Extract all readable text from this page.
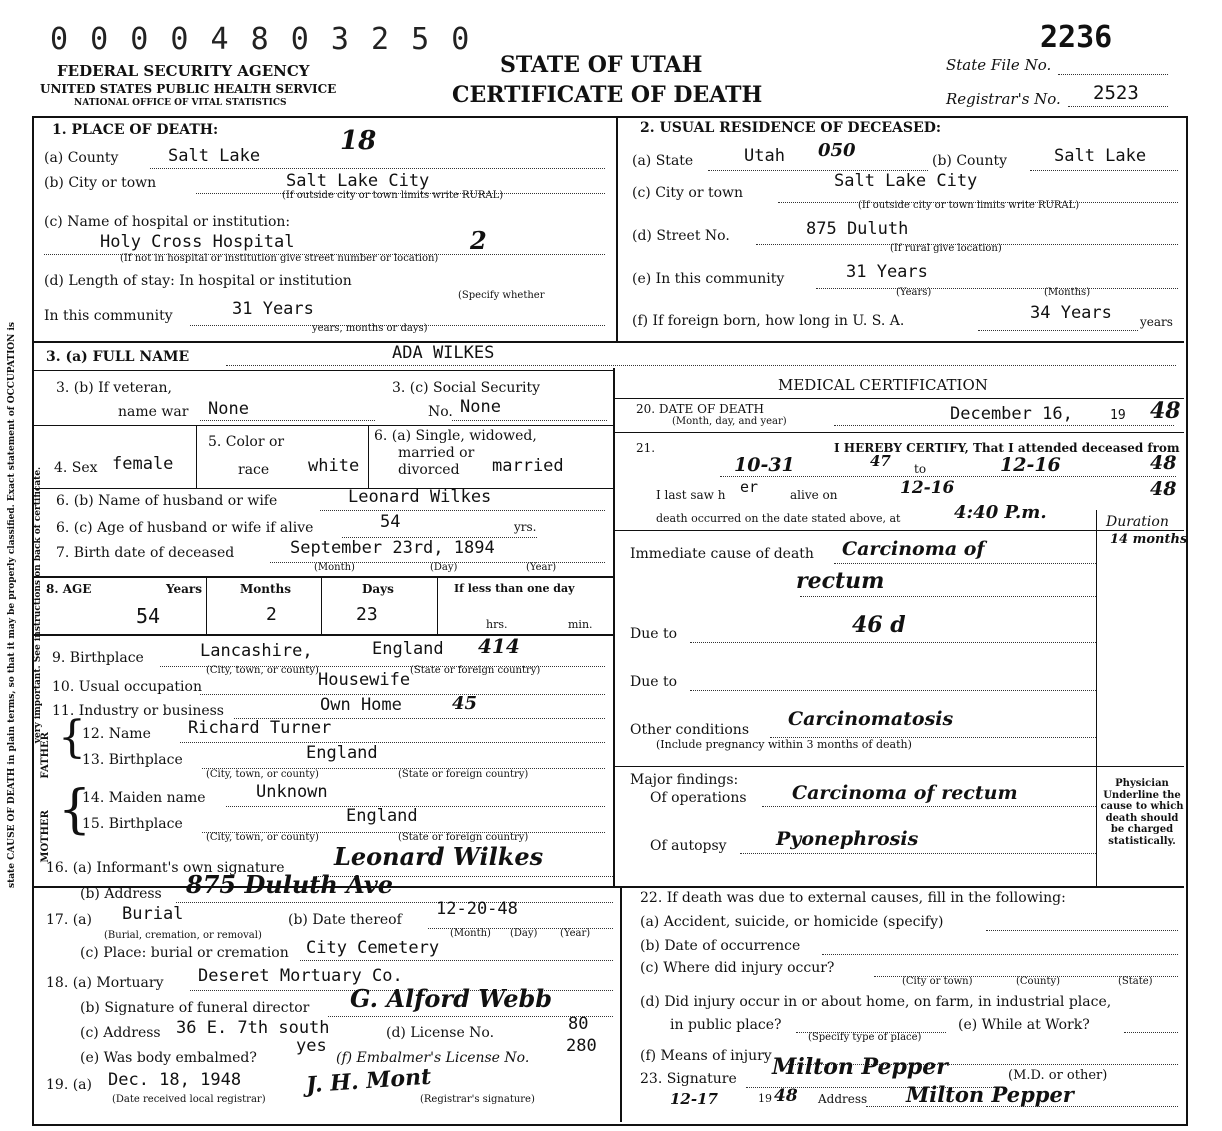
state CAUSE OF DEATH in plain terms, so that it may be properly classified. Exact statement of OCCUPATION is very important. See instructions on back of certificate.
0 0 0 0 4 8 0 3 2 5 0
FEDERAL SECURITY AGENCY
UNITED STATES PUBLIC HEALTH SERVICE
NATIONAL OFFICE OF VITAL STATISTICS
STATE OF UTAH
CERTIFICATE OF DEATH
State File No.
2236
Registrar's No. 2523
1. PLACE OF DEATH:
(a) County	Salt Lake	18
(b) City or town	Salt Lake City
(If outside city or town limits write RURAL)
(c) Name of hospital or institution:
Holy Cross Hospital	2
(If not in hospital or institution give street number or location)
(d) Length of stay: In hospital or institution
(Specify whether
In this community	31 Years
years, months or days)
2. USUAL RESIDENCE OF DECEASED:
(a) State	Utah 050	(b) County	Salt Lake
(c) City or town
Salt Lake City
(If outside city or town limits write RURAL)
(d) Street No.	875 Duluth
(If rural give location)
(e) In this community	31 Years
(Years)	(Months)
(f) If foreign born, how long in U. S. A.	34 Years years
3. (a) FULL NAME	ADA WILKES
3. (b) If veteran,
name war None
3. (c) Social Security
No. None
MEDICAL CERTIFICATION
20. DATE OF DEATH
(Month, day, and year)	December 16,	19 48
4. Sex female
5. Color or
race white
6. (a) Single, widowed,
married or
divorced married
21.	I HEREBY CERTIFY, That I attended deceased from
10-31	47 to	12-16	48
I last saw h er	alive on	12-16	48
death occurred on the date stated above, at	4:40 P.m.	Duration
14 months
6. (b) Name of husband or wife	Leonard Wilkes
6. (c) Age of husband or wife if alive	54	yrs.
7. Birth date of deceased	September 23rd, 1894
(Month)	(Day)	(Year)
Immediate cause of death Carcinoma of
rectum
8. AGE	Years	Months	Days	If less than one day
54	2	23	hrs.	min.
Due to	46 d
Due to
9. Birthplace	Lancashire,	England 414
(City, town, or county)	(State or foreign country)
10. Usual occupation	Housewife
11. Industry or business	Own Home	45
Other conditions Carcinomatosis
(Include pregnancy within 3 months of death)
FATHER
MOTHER
{
{
12. Name Richard Turner
13. Birthplace	England
(City, town, or county)	(State or foreign country)
14. Maiden name	Unknown
15. Birthplace	England
(City, town, or county)	(State or foreign country)
Major findings:
Of operations Carcinoma of rectum
Of autopsy	Pyonephrosis
Physician Underline the cause to which death should be charged statistically.
16. (a) Informant's own signature Leonard Wilkes
(b) Address 875 Duluth Ave
17. (a) Burial
(Burial, cremation, or removal)
(b) Date thereof
12-20-48
(Month) (Day) (Year)
(c) Place: burial or cremation City Cemetery
18. (a) Mortuary Deseret Mortuary Co.
(b) Signature of funeral director G. Alford Webb
(c) Address 36 E. 7th south	(d) License No.	80
(e) Was body embalmed?
yes
(f) Embalmer's License No.
280
19. (a) Dec. 18, 1948
(Date received local registrar)
J. H. Mont
(Registrar's signature)
22. If death was due to external causes, fill in the following:
(a) Accident, suicide, or homicide (specify)
(b) Date of occurrence
(c) Where did injury occur?
(City or town)	(County)	(State)
(d) Did injury occur in or about home, on farm, in industrial place,
in public place?
(Specify type of place)
(e) While at Work?
(f) Means of injury
23. Signature Milton Pepper	(M.D. or other)
12-17	19 48 Address Milton Pepper
